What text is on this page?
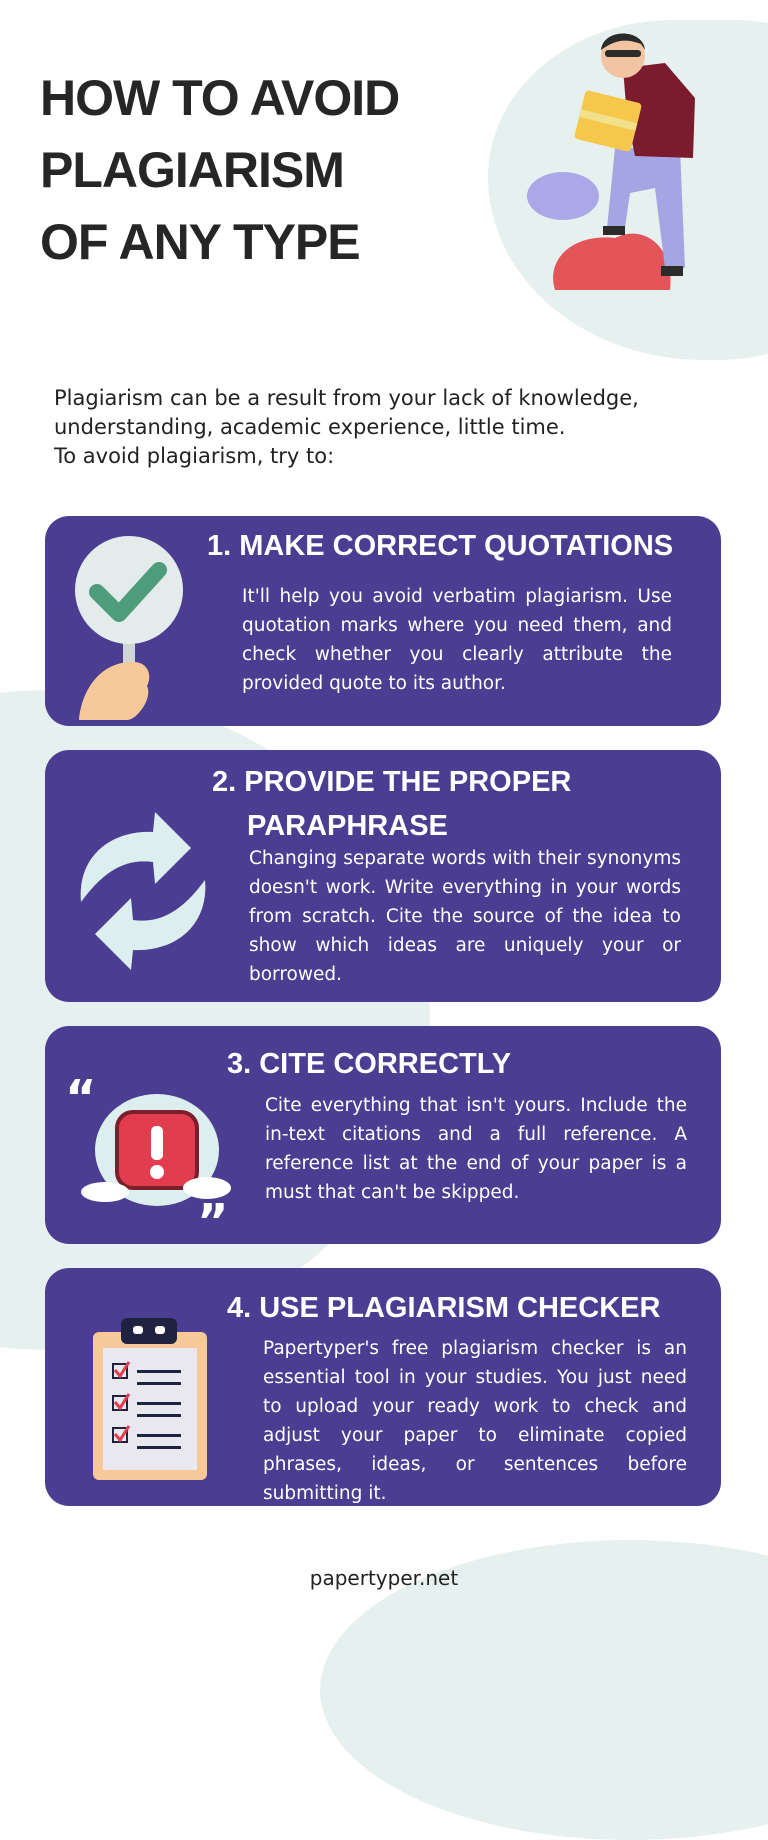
HOW TO AVOID
PLAGIARISM
OF ANY TYPE
Plagiarism can be a result from your lack of knowledge,
understanding, academic experience, little time.
To avoid plagiarism, try to:
1. MAKE CORRECT QUOTATIONS

It'll help you avoid verbatim plagiarism. Use quotation marks where you need them, and check whether you clearly attribute the provided quote to its author.

2. PROVIDE THE PROPER
PARAPHRASE

Changing separate words with their synonyms doesn't work. Write everything in your words from scratch. Cite the source of the idea to show which ideas are uniquely your or borrowed.

“
”
3. CITE CORRECTLY

Cite everything that isn't yours. Include the in-text citations and a full reference. A reference list at the end of your paper is a must that can't be skipped.

4. USE PLAGIARISM CHECKER

Papertyper's free plagiarism checker is an essential tool in your studies. You just need to upload your ready work to check and adjust your paper to eliminate copied phrases, ideas, or sentences before submitting it.

papertyper.net
